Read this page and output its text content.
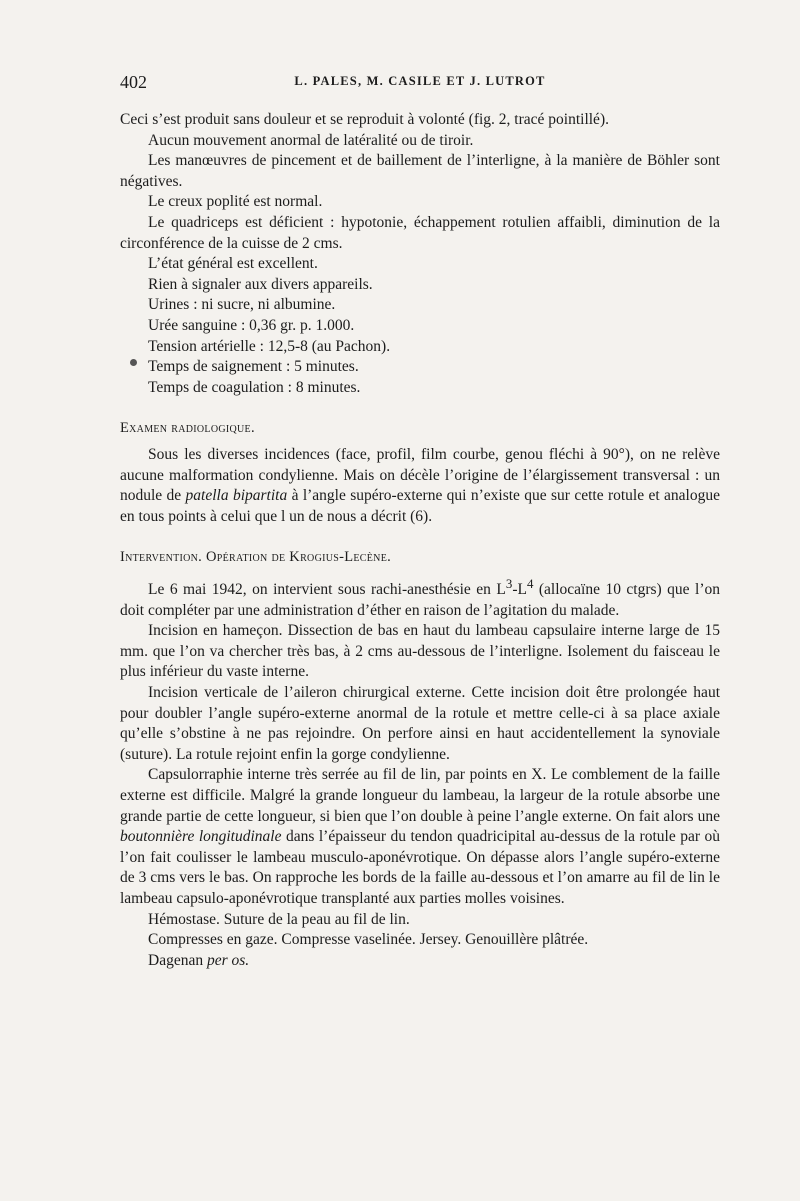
402	L. PALES, M. CASILE ET J. LUTROT

Ceci s’est produit sans douleur et se reproduit à volonté (fig. 2, tracé pointillé).

Aucun mouvement anormal de latéralité ou de tiroir.

Les manœuvres de pincement et de baillement de l’interligne, à la manière de Böhler sont négatives.

Le creux poplité est normal.

Le quadriceps est déficient : hypotonie, échappement rotulien affaibli, diminution de la circonférence de la cuisse de 2 cms.

L’état général est excellent.

Rien à signaler aux divers appareils.

Urines : ni sucre, ni albumine.

Urée sanguine : 0,36 gr. p. 1.000.

Tension artérielle : 12,5-8 (au Pachon).

Temps de saignement : 5 minutes.

Temps de coagulation : 8 minutes.

Examen radiologique.

Sous les diverses incidences (face, profil, film courbe, genou fléchi à 90°), on ne relève aucune malformation condylienne. Mais on décèle l’origine de l’élargissement transversal : un nodule de patella bipartita à l’angle supéro-externe qui n’existe que sur cette rotule et analogue en tous points à celui que l un de nous a décrit (6).

Intervention. Opération de Krogius-Lecène.

Le 6 mai 1942, on intervient sous rachi-anesthésie en $L^3-L^4$ (allocaïne 10 ctgrs) que l’on doit compléter par une administration d’éther en raison de l’agitation du malade.

Incision en hameçon. Dissection de bas en haut du lambeau capsulaire interne large de 15 mm. que l’on va chercher très bas, à 2 cms au-dessous de l’interligne. Isolement du faisceau le plus inférieur du vaste interne.

Incision verticale de l’aileron chirurgical externe. Cette incision doit être prolongée haut pour doubler l’angle supéro-externe anormal de la rotule et mettre celle-ci à sa place axiale qu’elle s’obstine à ne pas rejoindre. On perfore ainsi en haut accidentellement la synoviale (suture). La rotule rejoint enfin la gorge condylienne.

Capsulorraphie interne très serrée au fil de lin, par points en X. Le comblement de la faille externe est difficile. Malgré la grande longueur du lambeau, la largeur de la rotule absorbe une grande partie de cette longueur, si bien que l’on double à peine l’angle externe. On fait alors une boutonnière longitudinale dans l’épaisseur du tendon quadricipital au-dessus de la rotule par où l’on fait coulisser le lambeau musculo-aponévrotique. On dépasse alors l’angle supéro-externe de 3 cms vers le bas. On rapproche les bords de la faille au-dessous et l’on amarre au fil de lin le lambeau capsulo-aponévrotique transplanté aux parties molles voisines.

Hémostase. Suture de la peau au fil de lin.

Compresses en gaze. Compresse vaselinée. Jersey. Genouillère plâtrée.

Dagenan per os.
